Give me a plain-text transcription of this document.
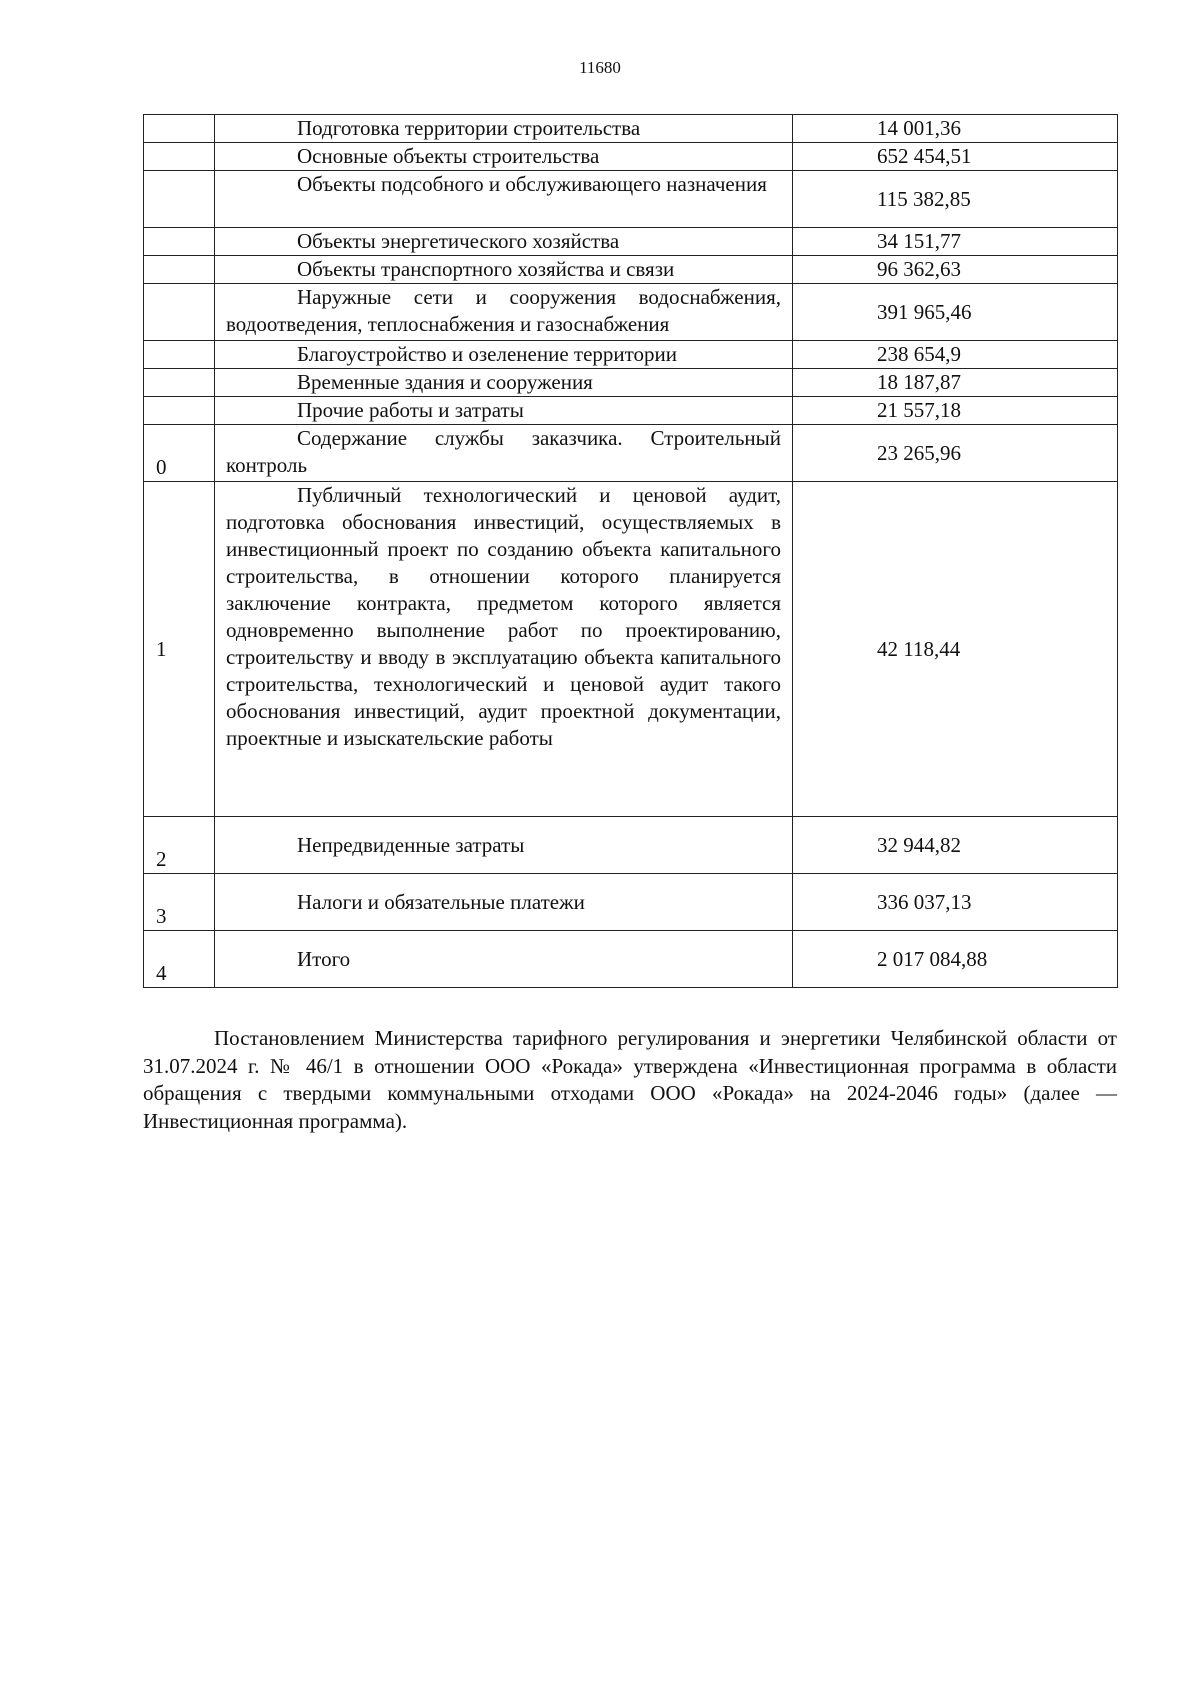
11680

	Подготовка территории строительства	14 001,36

	Основные объекты строительства	652 454,51

	Объекты подсобного и обслуживающего назначения	115 382,85

	Объекты энергетического хозяйства	34 151,77

	Объекты транспортного хозяйства и связи	96 362,63

	Наружные сети и сооружения водоснабжения, водоотведения, теплоснабжения и газоснабжения	391 965,46

	Благоустройство и озеленение территории	238 654,9

	Временные здания и сооружения	18 187,87

	Прочие работы и затраты	21 557,18
0	Содержание службы заказчика. Строительный контроль	23 265,96
1	Публичный технологический и ценовой аудит, подготовка обоснования инвестиций, осуществляемых в инвестиционный проект по созданию объекта капитального строительства, в отношении которого планируется заключение контракта, предметом которого является одновременно выполнение работ по проектированию, строительству и вводу в эксплуатацию объекта капитального строительства, технологический и ценовой аудит такого обоснования инвестиций, аудит проектной документации, проектные и изыскательские работы	42 118,44
2	Непредвиденные затраты	32 944,82
3	Налоги и обязательные платежи	336 037,13
4	Итого	2 017 084,88
Постановлением Министерства тарифного регулирования и энергетики Челябинской области от 31.07.2024 г. № 46/1 в отношении ООО «Рокада» утверждена «Инвестиционная программа в области обращения с твердыми коммунальными отходами ООО «Рокада» на 2024-2046 годы» (далее — Инвестиционная программа).
